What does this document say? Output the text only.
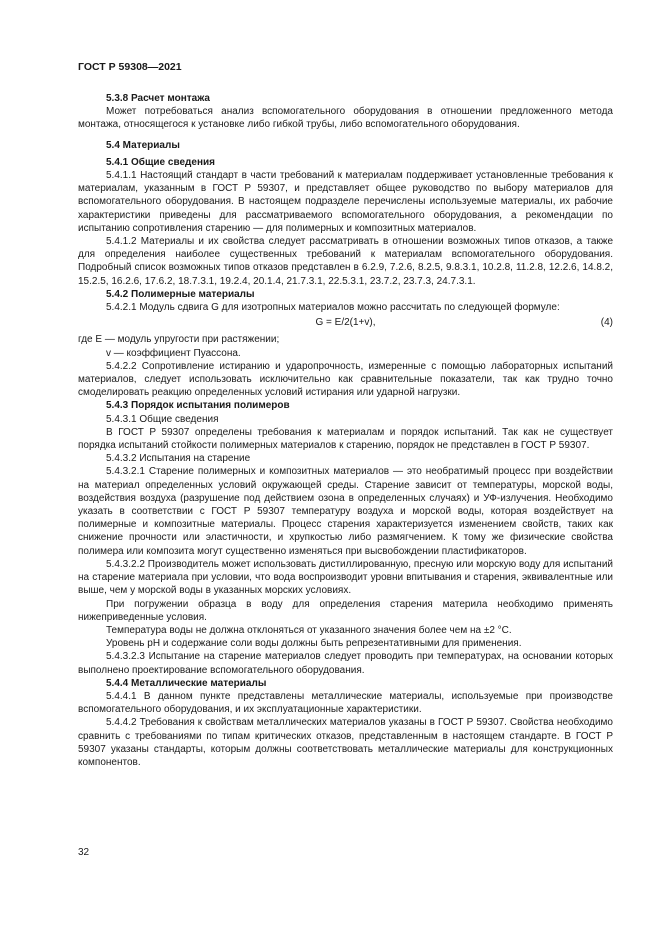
ГОСТ Р 59308—2021

5.3.8 Расчет монтажа

Может потребоваться анализ вспомогательного оборудования в отношении предложенного метода монтажа, относящегося к установке либо гибкой трубы, либо вспомогательного оборудования.

5.4 Материалы

5.4.1 Общие сведения

5.4.1.1 Настоящий стандарт в части требований к материалам поддерживает установленные требования к материалам, указанным в ГОСТ Р 59307, и представляет общее руководство по выбору материалов для вспомогательного оборудования. В настоящем подразделе перечислены используемые материалы, их рабочие характеристики приведены для рассматриваемого вспомогательного оборудования, а рекомендации по испытанию сопротивления старению — для полимерных и композитных материалов.

5.4.1.2 Материалы и их свойства следует рассматривать в отношении возможных типов отказов, а также для определения наиболее существенных требований к материалам вспомогательного оборудования. Подробный список возможных типов отказов представлен в 6.2.9, 7.2.6, 8.2.5, 9.8.3.1, 10.2.8, 11.2.8, 12.2.6, 14.8.2, 15.2.5, 16.2.6, 17.6.2, 18.7.3.1, 19.2.4, 20.1.4, 21.7.3.1, 22.5.3.1, 23.7.2, 23.7.3, 24.7.3.1.

5.4.2 Полимерные материалы

5.4.2.1 Модуль сдвига G для изотропных материалов можно рассчитать по следующей формуле:

G = E/2(1+v),	(4)

где E — модуль упругости при растяжении;

v — коэффициент Пуассона.

5.4.2.2 Сопротивление истиранию и ударопрочность, измеренные с помощью лабораторных испытаний материалов, следует использовать исключительно как сравнительные показатели, так как трудно точно смоделировать реакцию определенных условий истирания или ударной нагрузки.

5.4.3 Порядок испытания полимеров

5.4.3.1 Общие сведения

В ГОСТ Р 59307 определены требования к материалам и порядок испытаний. Так как не существует порядка испытаний стойкости полимерных материалов к старению, порядок не представлен в ГОСТ Р 59307.

5.4.3.2 Испытания на старение

5.4.3.2.1 Старение полимерных и композитных материалов — это необратимый процесс при воздействии на материал определенных условий окружающей среды. Старение зависит от температуры, морской воды, воздействия воздуха (разрушение под действием озона в определенных случаях) и УФ-излучения. Необходимо указать в соответствии с ГОСТ Р 59307 температуру воздуха и морской воды, которая воздействует на полимерные и композитные материалы. Процесс старения характеризуется изменением свойств, таких как снижение прочности или эластичности, и хрупкостью либо размягчением. К тому же физические свойства полимера или композита могут существенно изменяться при высвобождении пластификаторов.

5.4.3.2.2 Производитель может использовать дистиллированную, пресную или морскую воду для испытаний на старение материала при условии, что вода воспроизводит уровни впитывания и старения, эквивалентные или выше, чем у морской воды в указанных морских условиях.

При погружении образца в воду для определения старения материла необходимо применять нижеприведенные условия.

Температура воды не должна отклоняться от указанного значения более чем на ±2 °C.

Уровень pH и содержание соли воды должны быть репрезентативными для применения.

5.4.3.2.3 Испытание на старение материалов следует проводить при температурах, на основании которых выполнено проектирование вспомогательного оборудования.

5.4.4 Металлические материалы

5.4.4.1 В данном пункте представлены металлические материалы, используемые при производстве вспомогательного оборудования, и их эксплуатационные характеристики.

5.4.4.2 Требования к свойствам металлических материалов указаны в ГОСТ Р 59307. Свойства необходимо сравнить с требованиями по типам критических отказов, представленным в настоящем стандарте. В ГОСТ Р 59307 указаны стандарты, которым должны соответствовать металлические материалы для конструкционных компонентов.

32
